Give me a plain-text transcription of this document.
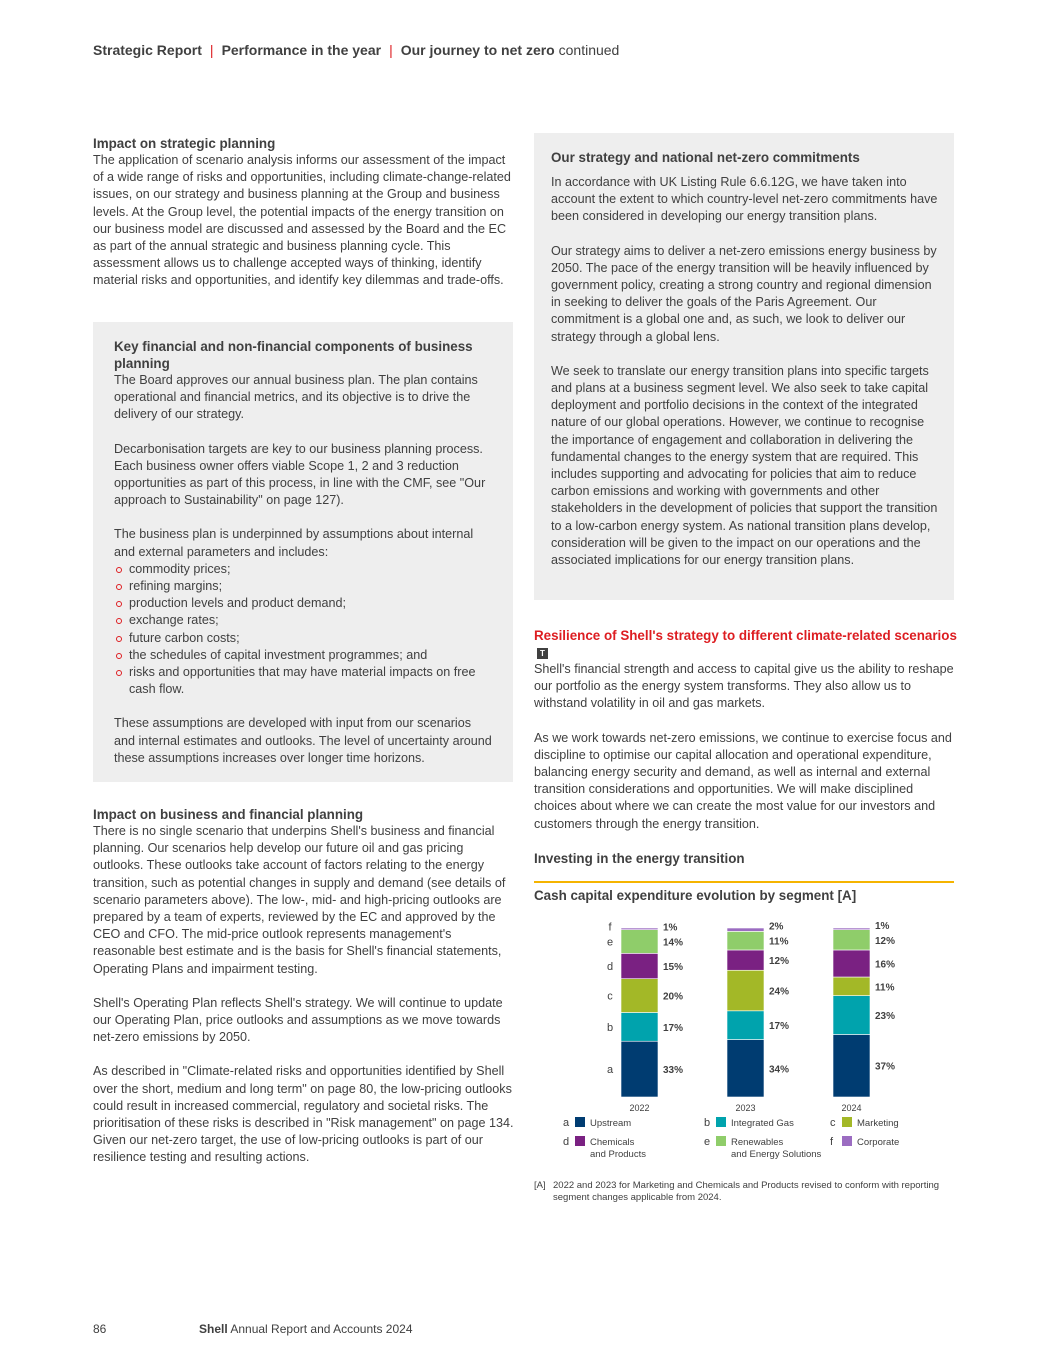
Strategic Report | Performance in the year | Our journey to net zero continued
Impact on strategic planning

The application of scenario analysis informs our assessment of the impact of a wide range of risks and opportunities, including climate-change-related issues, on our strategy and business planning at the Group and business levels. At the Group level, the potential impacts of the energy transition on our business model are discussed and assessed by the Board and the EC as part of the annual strategic and business planning cycle. This assessment allows us to challenge accepted ways of thinking, identify material risks and opportunities, and identify key dilemmas and trade-offs.

Key financial and non-financial components of business planning

The Board approves our annual business plan. The plan contains operational and financial metrics, and its objective is to drive the delivery of our strategy.

Decarbonisation targets are key to our business planning process. Each business owner offers viable Scope 1, 2 and 3 reduction opportunities as part of this process, in line with the CMF, see "Our approach to Sustainability" on page 127).

The business plan is underpinned by assumptions about internal and external parameters and includes:

commodity prices;
refining margins;
production levels and product demand;
exchange rates;
future carbon costs;
the schedules of capital investment programmes; and
risks and opportunities that may have material impacts on free cash flow.

These assumptions are developed with input from our scenarios and internal estimates and outlooks. The level of uncertainty around these assumptions increases over longer time horizons.

Impact on business and financial planning

There is no single scenario that underpins Shell's business and financial planning. Our scenarios help develop our future oil and gas pricing outlooks. These outlooks take account of factors relating to the energy transition, such as potential changes in supply and demand (see details of scenario parameters above). The low-, mid- and high-pricing outlooks are prepared by a team of experts, reviewed by the EC and approved by the CEO and CFO. The mid-price outlook represents management's reasonable best estimate and is the basis for Shell's financial statements, Operating Plans and impairment testing.

Shell's Operating Plan reflects Shell's strategy. We will continue to update our Operating Plan, price outlooks and assumptions as we move towards net-zero emissions by 2050.

As described in "Climate-related risks and opportunities identified by Shell over the short, medium and long term" on page 80, the low-pricing outlooks could result in increased commercial, regulatory and societal risks. The prioritisation of these risks is described in "Risk management" on page 134. Given our net-zero target, the use of low-pricing outlooks is part of our resilience testing and resulting actions.

Our strategy and national net-zero commitments

In accordance with UK Listing Rule 6.6.12G, we have taken into account the extent to which country-level net-zero commitments have been considered in developing our energy transition plans.

Our strategy aims to deliver a net-zero emissions energy business by 2050. The pace of the energy transition will be heavily influenced by government policy, creating a strong country and regional dimension in seeking to deliver the goals of the Paris Agreement. Our commitment is a global one and, as such, we look to deliver our strategy through a global lens.

We seek to translate our energy transition plans into specific targets and plans at a business segment level. We also seek to take capital deployment and portfolio decisions in the context of the integrated nature of our global operations. However, we continue to recognise the importance of engagement and collaboration in delivering the fundamental changes to the energy system that are required. This includes supporting and advocating for policies that aim to reduce carbon emissions and working with governments and other stakeholders in the development of policies that support the transition to a low-carbon energy system. As national transition plans develop, consideration will be given to the impact on our operations and the associated implications for our energy transition plans.

Resilience of Shell's strategy to different climate-related scenariosT

Shell's financial strength and access to capital give us the ability to reshape our portfolio as the energy system transforms. They also allow us to withstand volatility in oil and gas markets.

As we work towards net-zero emissions, we continue to exercise focus and discipline to optimise our capital allocation and operational expenditure, balancing energy security and demand, as well as internal and external transition considerations and opportunities. We will make disciplined choices about where we can create the most value for our investors and customers through the energy transition.

Investing in the energy transition
Cash capital expenditure evolution by segment [A]
2022	2023	2024
33%
17%
20%
15%
14%
1%
a
b
c
d
e
f
34%
17%
24%
12%
11%
2%
37%
23%
11%
16%
12%
1%
a Upstream	b Integrated Gas	c Marketing
d Chemicals
and Products
e Renewables
and Energy Solutions
f	Corporate
[A] 2022 and 2023 for Marketing and Chemicals and Products revised to conform with reporting segment changes applicable from 2024.
86	Shell Annual Report and Accounts 2024
